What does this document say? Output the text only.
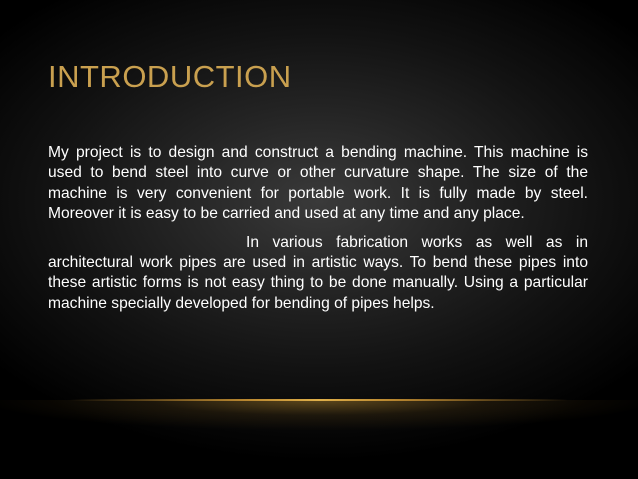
INTRODUCTION

My project is to design and construct a bending machine. This machine is used to bend steel into curve or other curvature shape. The size of the machine is very convenient for portable work. It is fully made by steel. Moreover it is easy to be carried and used at any time and any place.

In various fabrication works as well as in architectural work pipes are used in artistic ways. To bend these pipes into these artistic forms is not easy thing to be done manually. Using a particular machine specially developed for bending of pipes helps.
